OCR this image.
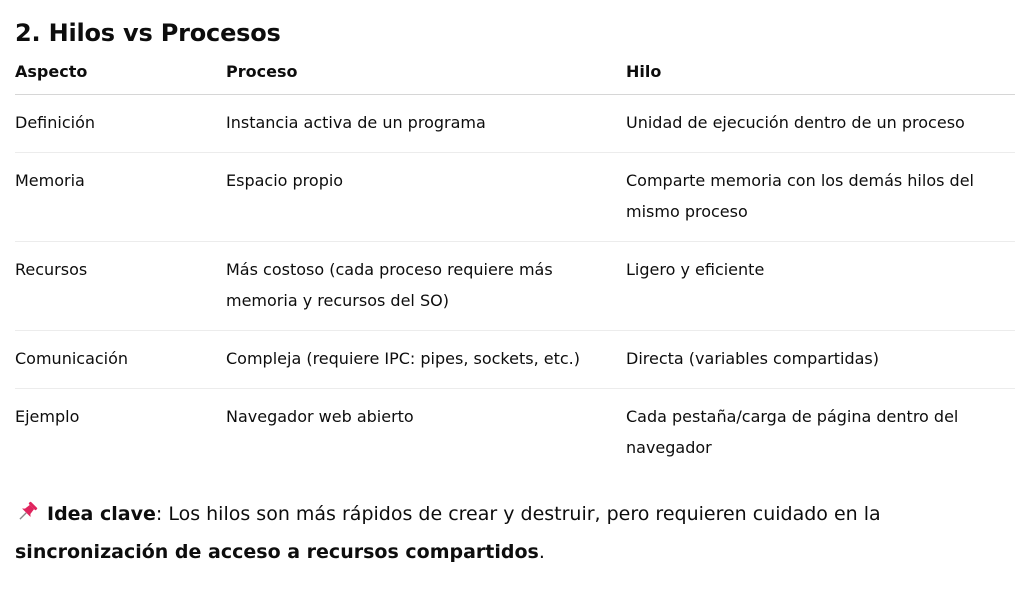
2. Hilos vs Procesos
Aspecto	Proceso	Hilo

Definición	Instancia activa de un programa	Unidad de ejecución dentro de un proceso

Memoria	Espacio propio	Comparte memoria con los demás hilos del mismo proceso

Recursos	Más costoso (cada proceso requiere más memoria y recursos del SO)	Ligero y eficiente

Comunicación	Compleja (requiere IPC: pipes, sockets, etc.)	Directa (variables compartidas)

Ejemplo	Navegador web abierto	Cada pestaña/carga de página dentro del navegador
Idea clave: Los hilos son más rápidos de crear y destruir, pero requieren cuidado en la sincronización de acceso a recursos compartidos.
